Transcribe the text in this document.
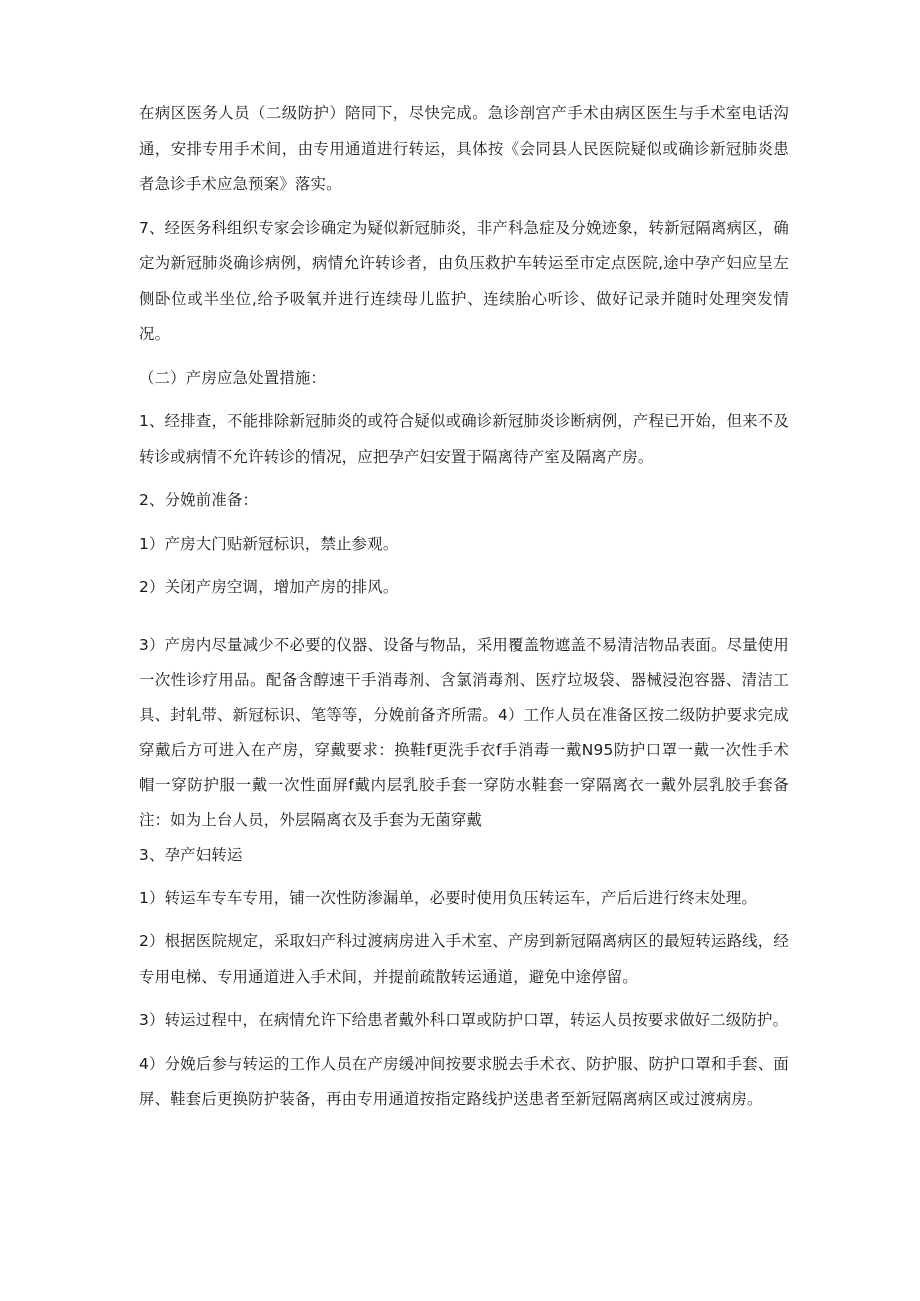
在病区医务人员（二级防护）陪同下，尽快完成。急诊剖宫产手术由病区医生与手术室电话沟通，安排专用手术间，由专用通道进行转运，具体按《会同县人民医院疑似或确诊新冠肺炎患者急诊手术应急预案》落实。

7、经医务科组织专家会诊确定为疑似新冠肺炎，非产科急症及分娩迹象，转新冠隔离病区，确定为新冠肺炎确诊病例，病情允许转诊者，由负压救护车转运至市定点医院,途中孕产妇应呈左侧卧位或半坐位,给予吸氧并进行连续母儿监护、连续胎心听诊、做好记录并随时处理突发情况。

（二）产房应急处置措施：

1、经排查，不能排除新冠肺炎的或符合疑似或确诊新冠肺炎诊断病例，产程已开始，但来不及转诊或病情不允许转诊的情况，应把孕产妇安置于隔离待产室及隔离产房。

2、分娩前准备：

1）产房大门贴新冠标识，禁止参观。

2）关闭产房空调，增加产房的排风。

3）产房内尽量减少不必要的仪器、设备与物品，采用覆盖物遮盖不易清洁物品表面。尽量使用一次性诊疗用品。配备含醇速干手消毒剂、含氯消毒剂、医疗垃圾袋、器械浸泡容器、清洁工具、封轧带、新冠标识、笔等等，分娩前备齐所需。4）工作人员在准备区按二级防护要求完成穿戴后方可进入在产房，穿戴要求：换鞋f更洗手衣f手消毒一戴N95防护口罩一戴一次性手术帽一穿防护服一戴一次性面屏f戴内层乳胶手套一穿防水鞋套一穿隔离衣一戴外层乳胶手套备注：如为上台人员，外层隔离衣及手套为无菌穿戴

3、孕产妇转运

1）转运车专车专用，铺一次性防渗漏单，必要时使用负压转运车，产后后进行终末处理。

2）根据医院规定，采取妇产科过渡病房进入手术室、产房到新冠隔离病区的最短转运路线，经专用电梯、专用通道进入手术间，并提前疏散转运通道，避免中途停留。

3）转运过程中，在病情允许下给患者戴外科口罩或防护口罩，转运人员按要求做好二级防护。

4）分娩后参与转运的工作人员在产房缓冲间按要求脱去手术衣、防护服、防护口罩和手套、面屏、鞋套后更换防护装备，再由专用通道按指定路线护送患者至新冠隔离病区或过渡病房。
